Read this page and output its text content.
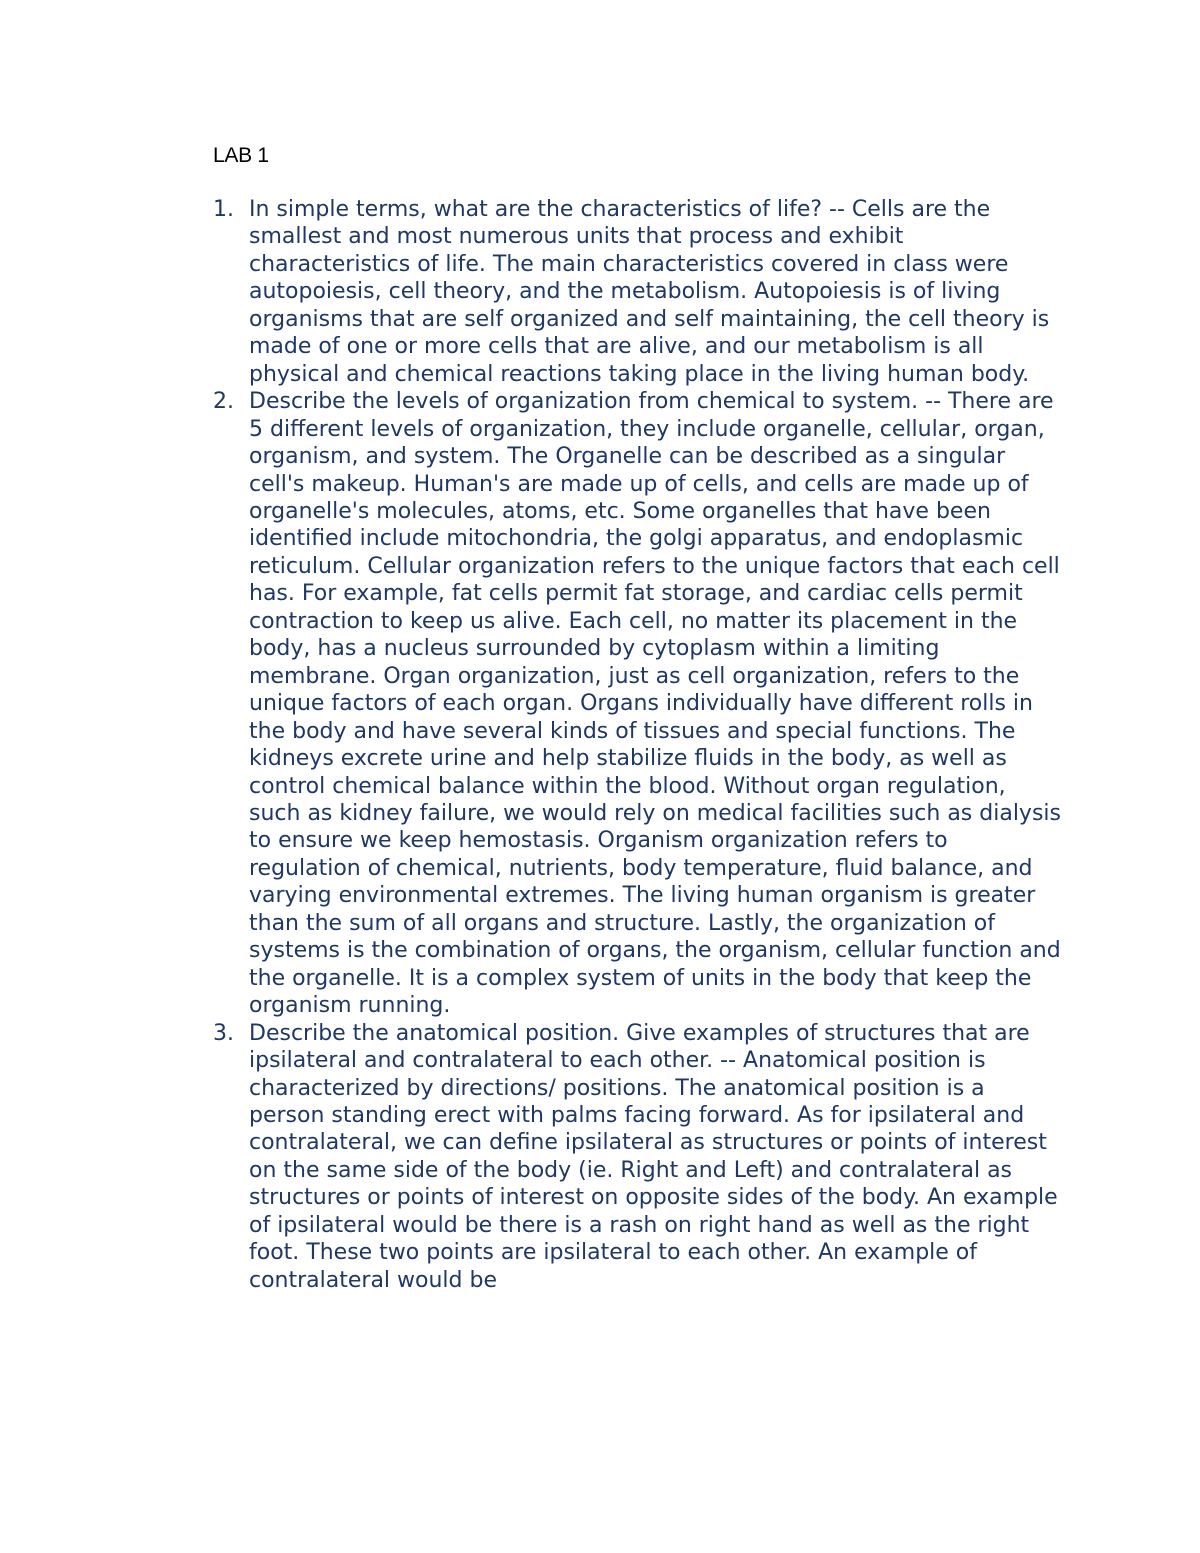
LAB 1
1. In simple terms, what are the characteristics of life? -- Cells are the smallest and most numerous units that process and exhibit characteristics of life. The main characteristics covered in class were autopoiesis, cell theory, and the metabolism. Autopoiesis is of living organisms that are self organized and self maintaining, the cell theory is made of one or more cells that are alive, and our metabolism is all physical and chemical reactions taking place in the living human body.
2. Describe the levels of organization from chemical to system. -- There are 5 different levels of organization, they include organelle, cellular, organ, organism, and system. The Organelle can be described as a singular cell's makeup. Human's are made up of cells, and cells are made up of organelle's molecules, atoms, etc. Some organelles that have been identified include mitochondria, the golgi apparatus, and endoplasmic reticulum. Cellular organization refers to the unique factors that each cell has. For example, fat cells permit fat storage, and cardiac cells permit contraction to keep us alive. Each cell, no matter its placement in the body, has a nucleus surrounded by cytoplasm within a limiting membrane. Organ organization, just as cell organization, refers to the unique factors of each organ. Organs individually have different rolls in the body and have several kinds of tissues and special functions. The kidneys excrete urine and help stabilize fluids in the body, as well as control chemical balance within the blood. Without organ regulation, such as kidney failure, we would rely on medical facilities such as dialysis to ensure we keep hemostasis. Organism organization refers to regulation of chemical, nutrients, body temperature, fluid balance, and varying environmental extremes. The living human organism is greater than the sum of all organs and structure. Lastly, the organization of systems is the combination of organs, the organism, cellular function and the organelle. It is a complex system of units in the body that keep the organism running.
3. Describe the anatomical position. Give examples of structures that are ipsilateral and contralateral to each other. -- Anatomical position is characterized by directions/ positions. The anatomical position is a person standing erect with palms facing forward. As for ipsilateral and contralateral, we can define ipsilateral as structures or points of interest on the same side of the body (ie. Right and Left) and contralateral as structures or points of interest on opposite sides of the body. An example of ipsilateral would be there is a rash on right hand as well as the right foot. These two points are ipsilateral to each other. An example of contralateral would be
